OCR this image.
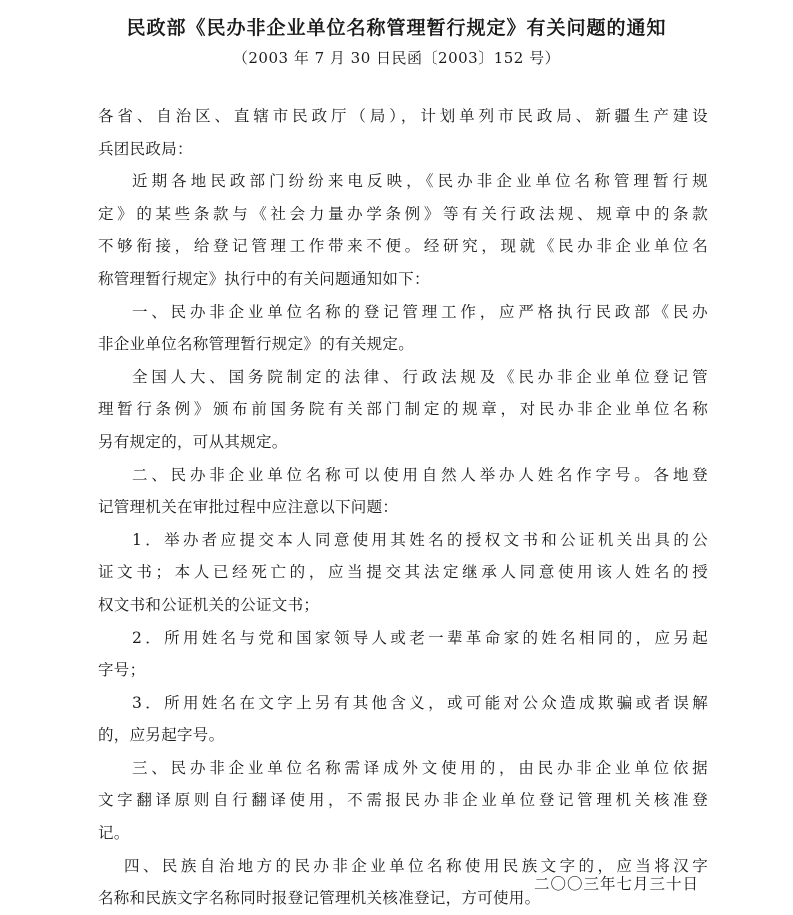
民政部《民办非企业单位名称管理暂行规定》有关问题的通知
（2003 年 7 月 30 日民函〔2003〕152 号）
各省、自治区、直辖市民政厅（局），计划单列市民政局、新疆生产建设
兵团民政局：
近期各地民政部门纷纷来电反映，《民办非企业单位名称管理暂行规
定》的某些条款与《社会力量办学条例》等有关行政法规、规章中的条款
不够衔接，给登记管理工作带来不便。经研究，现就《民办非企业单位名
称管理暂行规定》执行中的有关问题通知如下：
一、民办非企业单位名称的登记管理工作，应严格执行民政部《民办
非企业单位名称管理暂行规定》的有关规定。
全国人大、国务院制定的法律、行政法规及《民办非企业单位登记管
理暂行条例》颁布前国务院有关部门制定的规章，对民办非企业单位名称
另有规定的，可从其规定。
二、民办非企业单位名称可以使用自然人举办人姓名作字号。各地登
记管理机关在审批过程中应注意以下问题：
1．举办者应提交本人同意使用其姓名的授权文书和公证机关出具的公
证文书；本人已经死亡的，应当提交其法定继承人同意使用该人姓名的授
权文书和公证机关的公证文书；
2．所用姓名与党和国家领导人或老一辈革命家的姓名相同的，应另起
字号；
3．所用姓名在文字上另有其他含义，或可能对公众造成欺骗或者误解
的，应另起字号。
三、民办非企业单位名称需译成外文使用的，由民办非企业单位依据
文字翻译原则自行翻译使用，不需报民办非企业单位登记管理机关核准登
记。
四、民族自治地方的民办非企业单位名称使用民族文字的，应当将汉字
名称和民族文字名称同时报登记管理机关核准登记，方可使用。
二〇〇三年七月三十日
